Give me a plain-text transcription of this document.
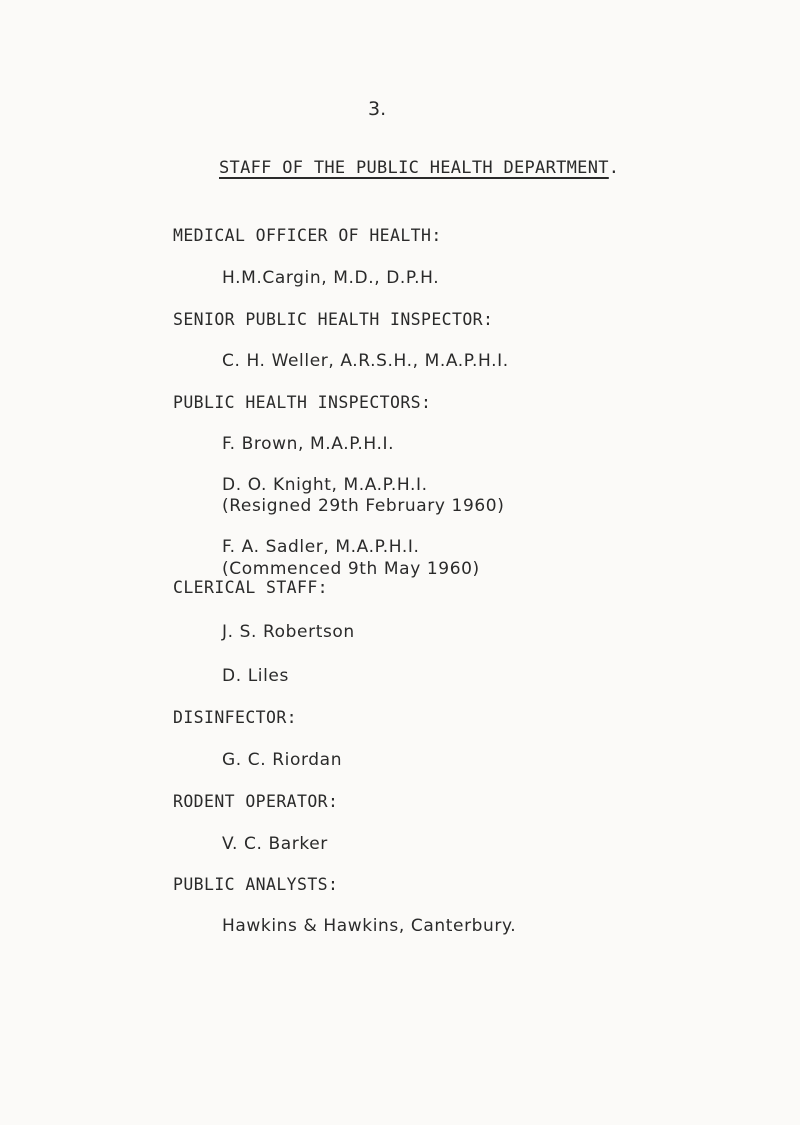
3.
STAFF OF THE PUBLIC HEALTH DEPARTMENT.
MEDICAL OFFICER OF HEALTH:
H.M.Cargin, M.D., D.P.H.
SENIOR PUBLIC HEALTH INSPECTOR:
C. H. Weller, A.R.S.H., M.A.P.H.I.
PUBLIC HEALTH INSPECTORS:
F. Brown, M.A.P.H.I.
D. O. Knight, M.A.P.H.I.
(Resigned 29th February 1960)
F. A. Sadler, M.A.P.H.I.
(Commenced 9th May 1960)
CLERICAL STAFF:
J. S. Robertson
D. Liles
DISINFECTOR:
G. C. Riordan
RODENT OPERATOR:
V. C. Barker
PUBLIC ANALYSTS:
Hawkins & Hawkins, Canterbury.
